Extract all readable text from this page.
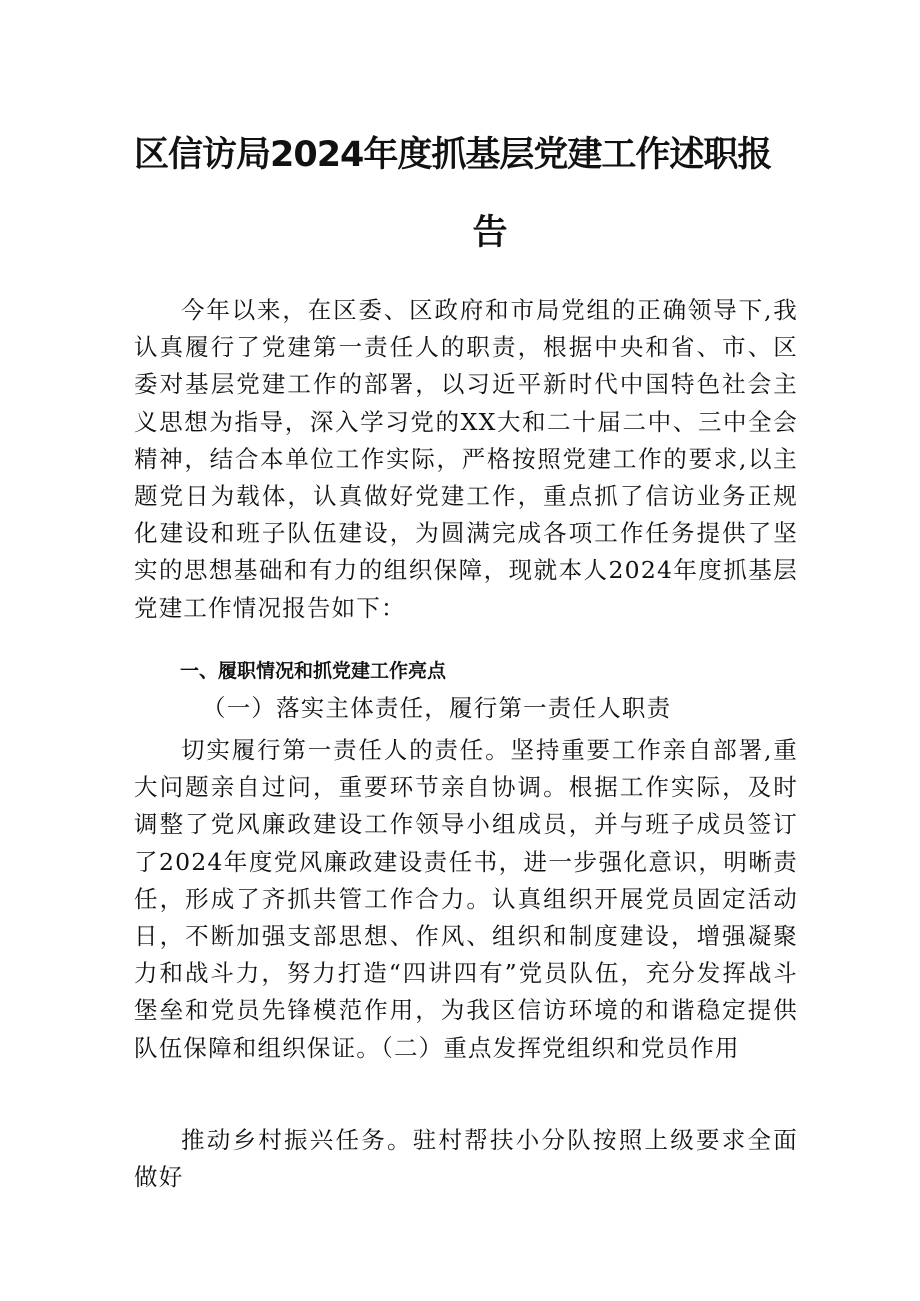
区信访局2024年度抓基层党建工作述职报
告
今年以来，在区委、区政府和市局党组的正确领导下,我认真履行了党建第一责任人的职责，根据中央和省、市、区委对基层党建工作的部署，以习近平新时代中国特色社会主义思想为指导，深入学习党的XX大和二十届二中、三中全会精神，结合本单位工作实际，严格按照党建工作的要求,以主题党日为载体，认真做好党建工作，重点抓了信访业务正规化建设和班子队伍建设，为圆满完成各项工作任务提供了坚实的思想基础和有力的组织保障，现就本人2024年度抓基层党建工作情况报告如下：
一、履职情况和抓党建工作亮点
（一）落实主体责任，履行第一责任人职责
切实履行第一责任人的责任。坚持重要工作亲自部署,重大问题亲自过问，重要环节亲自协调。根据工作实际，及时调整了党风廉政建设工作领导小组成员，并与班子成员签订了2024年度党风廉政建设责任书，进一步强化意识，明晰责任，形成了齐抓共管工作合力。认真组织开展党员固定活动日，不断加强支部思想、作风、组织和制度建设，增强凝聚力和战斗力，努力打造“四讲四有”党员队伍，充分发挥战斗堡垒和党员先锋模范作用，为我区信访环境的和谐稳定提供队伍保障和组织保证。（二）重点发挥党组织和党员作用
推动乡村振兴任务。驻村帮扶小分队按照上级要求全面做好
